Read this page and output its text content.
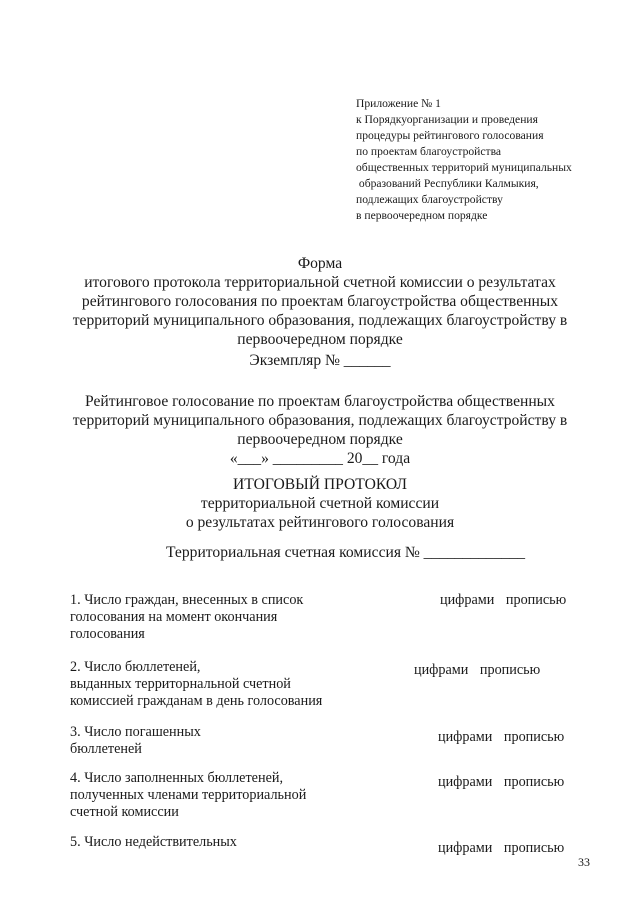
Приложение № 1
к Порядкуорганизации и проведения
процедуры рейтингового голосования
по проектам благоустройства
общественных территорий муниципальных
образований Республики Калмыкия,
подлежащих благоустройству
в первоочередном порядке
Форма
итогового протокола территориальной счетной комиссии о результатах
рейтингового голосования по проектам благоустройства общественных
территорий муниципального образования, подлежащих благоустройству в
первоочередном порядке
Экземпляр № ______
Рейтинговое голосование по проектам благоустройства общественных
территорий муниципального образования, подлежащих благоустройству в
первоочередном порядке
«___» _________ 20__ года
ИТОГОВЫЙ ПРОТОКОЛ
территориальной счетной комиссии
о результатах рейтингового голосования
Территориальная счетная комиссия № _____________
1. Число граждан, внесенных в список
голосования на момент окончания
голосования
цифрами прописью
2. Число бюллетеней,
выданных территорнальной счетной
комиссией гражданам в день голосования
цифрами прописью
3. Число погашенных
бюллетеней
цифрами прописью
4. Число заполненных бюллетеней,
полученных членами территориальной
счетной комиссии
цифрами прописью
5. Число недействительных	цифрами прописью
33
